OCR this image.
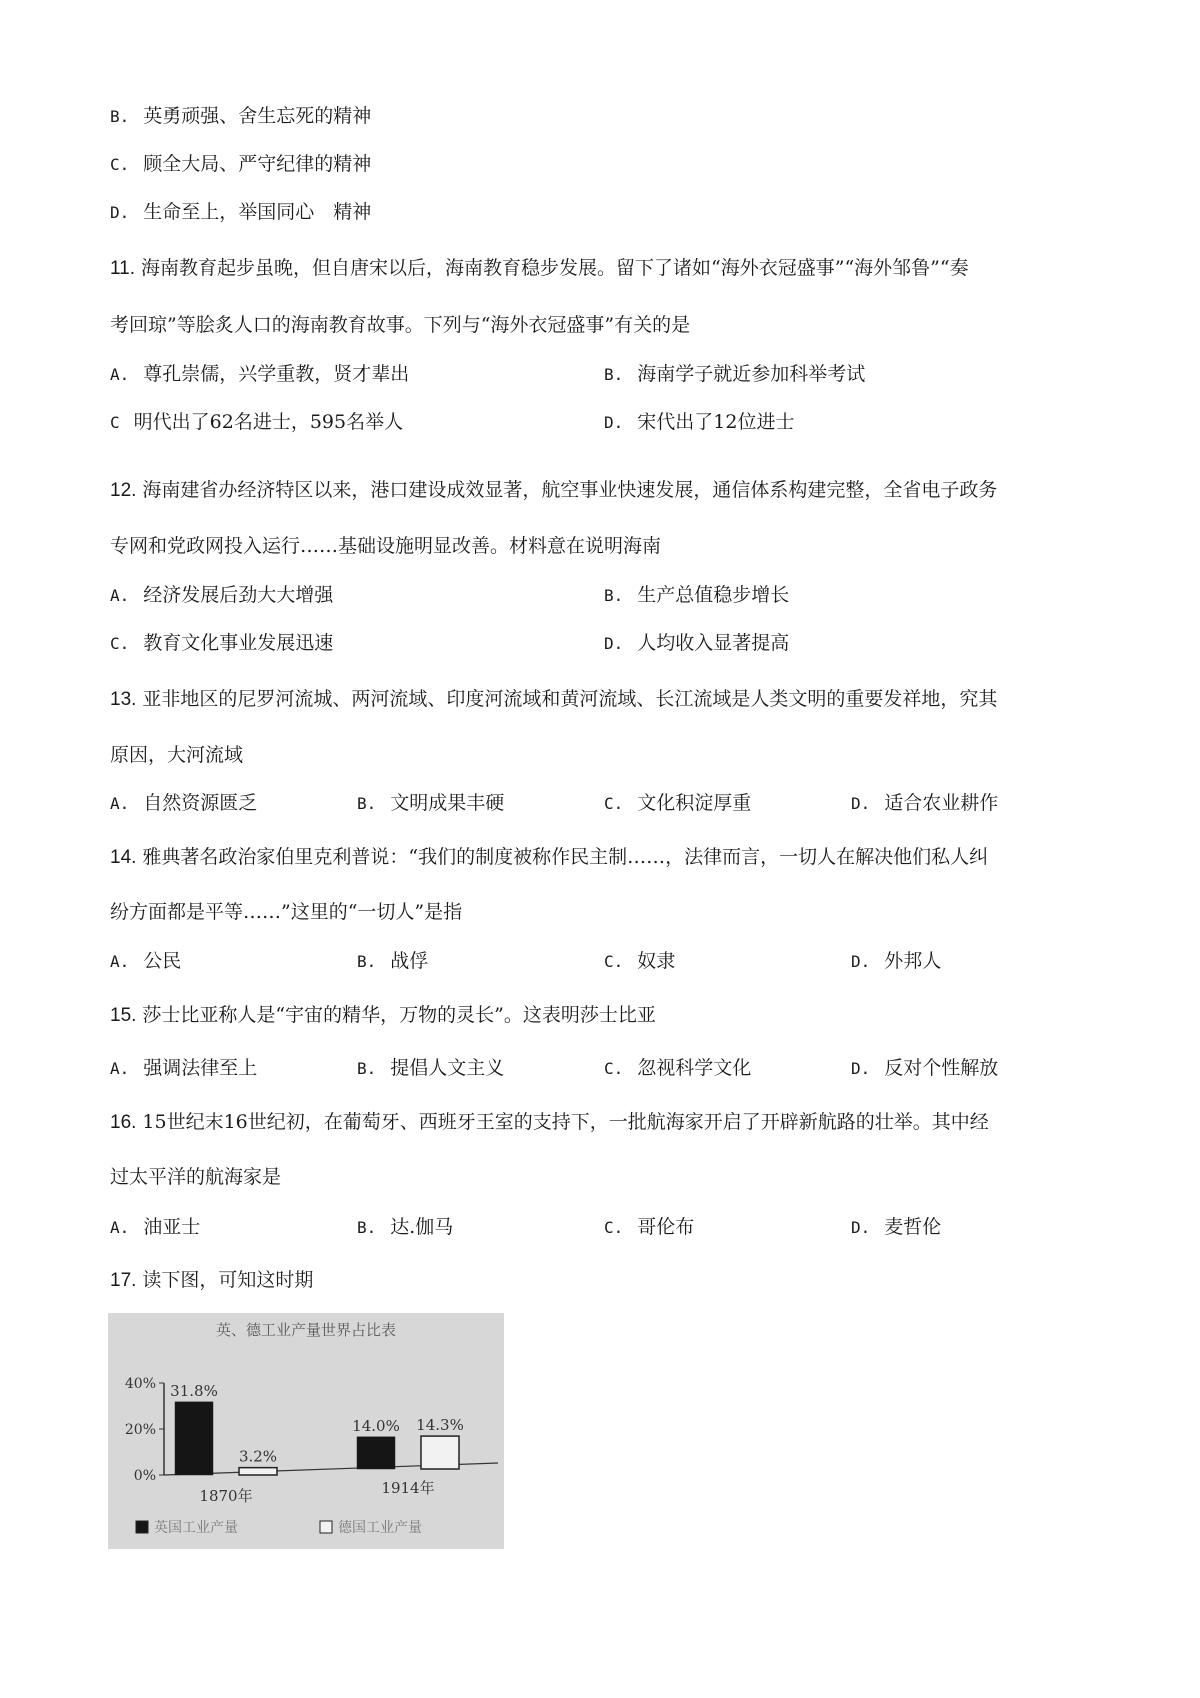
B. 英勇顽强、舍生忘死的精神
C. 顾全大局、严守纪律的精神
D. 生命至上，举国同心　精神
11. 海南教育起步虽晚，但自唐宋以后，海南教育稳步发展。留下了诸如“海外衣冠盛事”“海外邹鲁”“奏
考回琼”等脍炙人口的海南教育故事。下列与“海外衣冠盛事”有关的是
A. 尊孔崇儒，兴学重教，贤才辈出	B. 海南学子就近参加科举考试
C 明代出了62名进士，595名举人	D. 宋代出了12位进士
12. 海南建省办经济特区以来，港口建设成效显著，航空事业快速发展，通信体系构建完整，全省电子政务
专网和党政网投入运行……基础设施明显改善。材料意在说明海南
A. 经济发展后劲大大增强	B. 生产总值稳步增长
C. 教育文化事业发展迅速	D. 人均收入显著提高
13. 亚非地区的尼罗河流城、两河流域、印度河流域和黄河流域、长江流域是人类文明的重要发祥地，究其
原因，大河流域
A. 自然资源匮乏	B. 文明成果丰硬	C. 文化积淀厚重	D. 适合农业耕作
14. 雅典著名政治家伯里克利普说：“我们的制度被称作民主制……，法律而言，一切人在解决他们私人纠
纷方面都是平等……”这里的“一切人”是指
A. 公民	B. 战俘	C. 奴隶	D. 外邦人
15. 莎士比亚称人是“宇宙的精华，万物的灵长”。这表明莎士比亚
A. 强调法律至上	B. 提倡人文主义	C. 忽视科学文化	D. 反对个性解放
16. 15世纪末16世纪初，在葡萄牙、西班牙王室的支持下，一批航海家开启了开辟新航路的壮举。其中经
过太平洋的航海家是
A. 油亚士	B. 达.伽马	C. 哥伦布	D. 麦哲伦
17. 读下图，可知这时期
英、德工业产量世界占比表
40%
20%
0%
31.8%
3.2%
14.0% 14.3%
1870年	1914年
英国工业产量	德国工业产量
